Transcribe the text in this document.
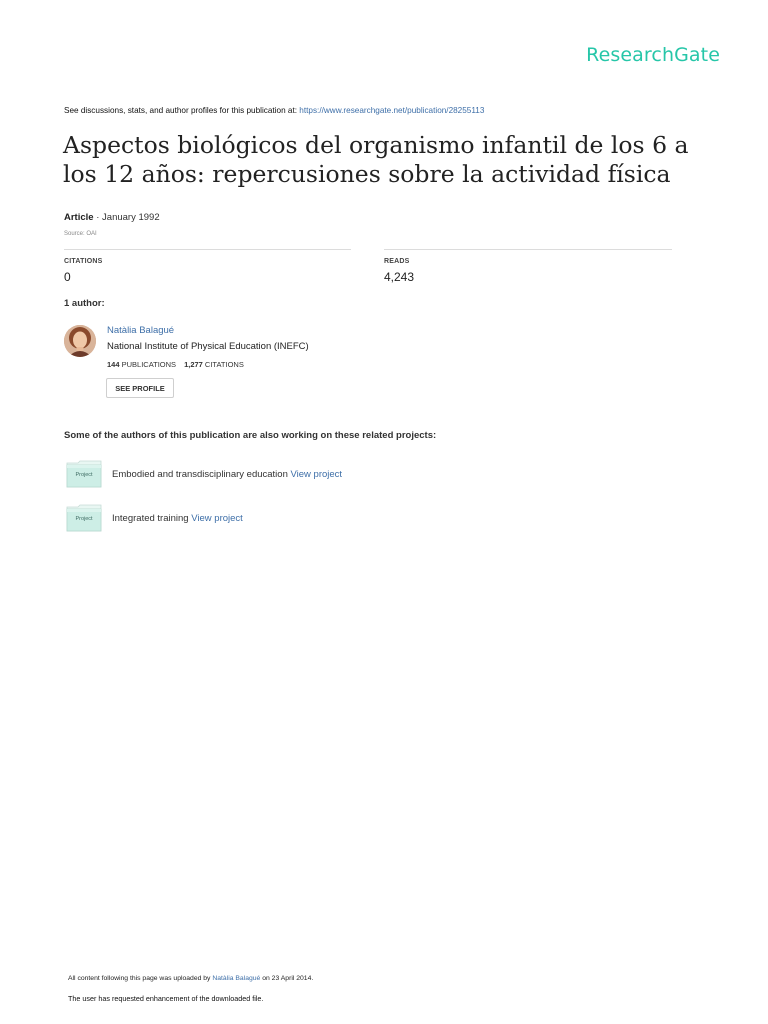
ResearchGate
See discussions, stats, and author profiles for this publication at: https://www.researchgate.net/publication/28255113
Aspectos biológicos del organismo infantil de los 6 a los 12 años: repercusiones sobre la actividad física
Article · January 1992
Source: OAI
CITATIONS
0
READS
4,243
1 author:
Natàlia Balagué
National Institute of Physical Education (INEFC)
144 PUBLICATIONS 1,277 CITATIONS
SEE PROFILE
Some of the authors of this publication are also working on these related projects:
Project	Embodied and transdisciplinary education View project
Project	Integrated training View project
All content following this page was uploaded by Natàlia Balagué on 23 April 2014.
The user has requested enhancement of the downloaded file.
